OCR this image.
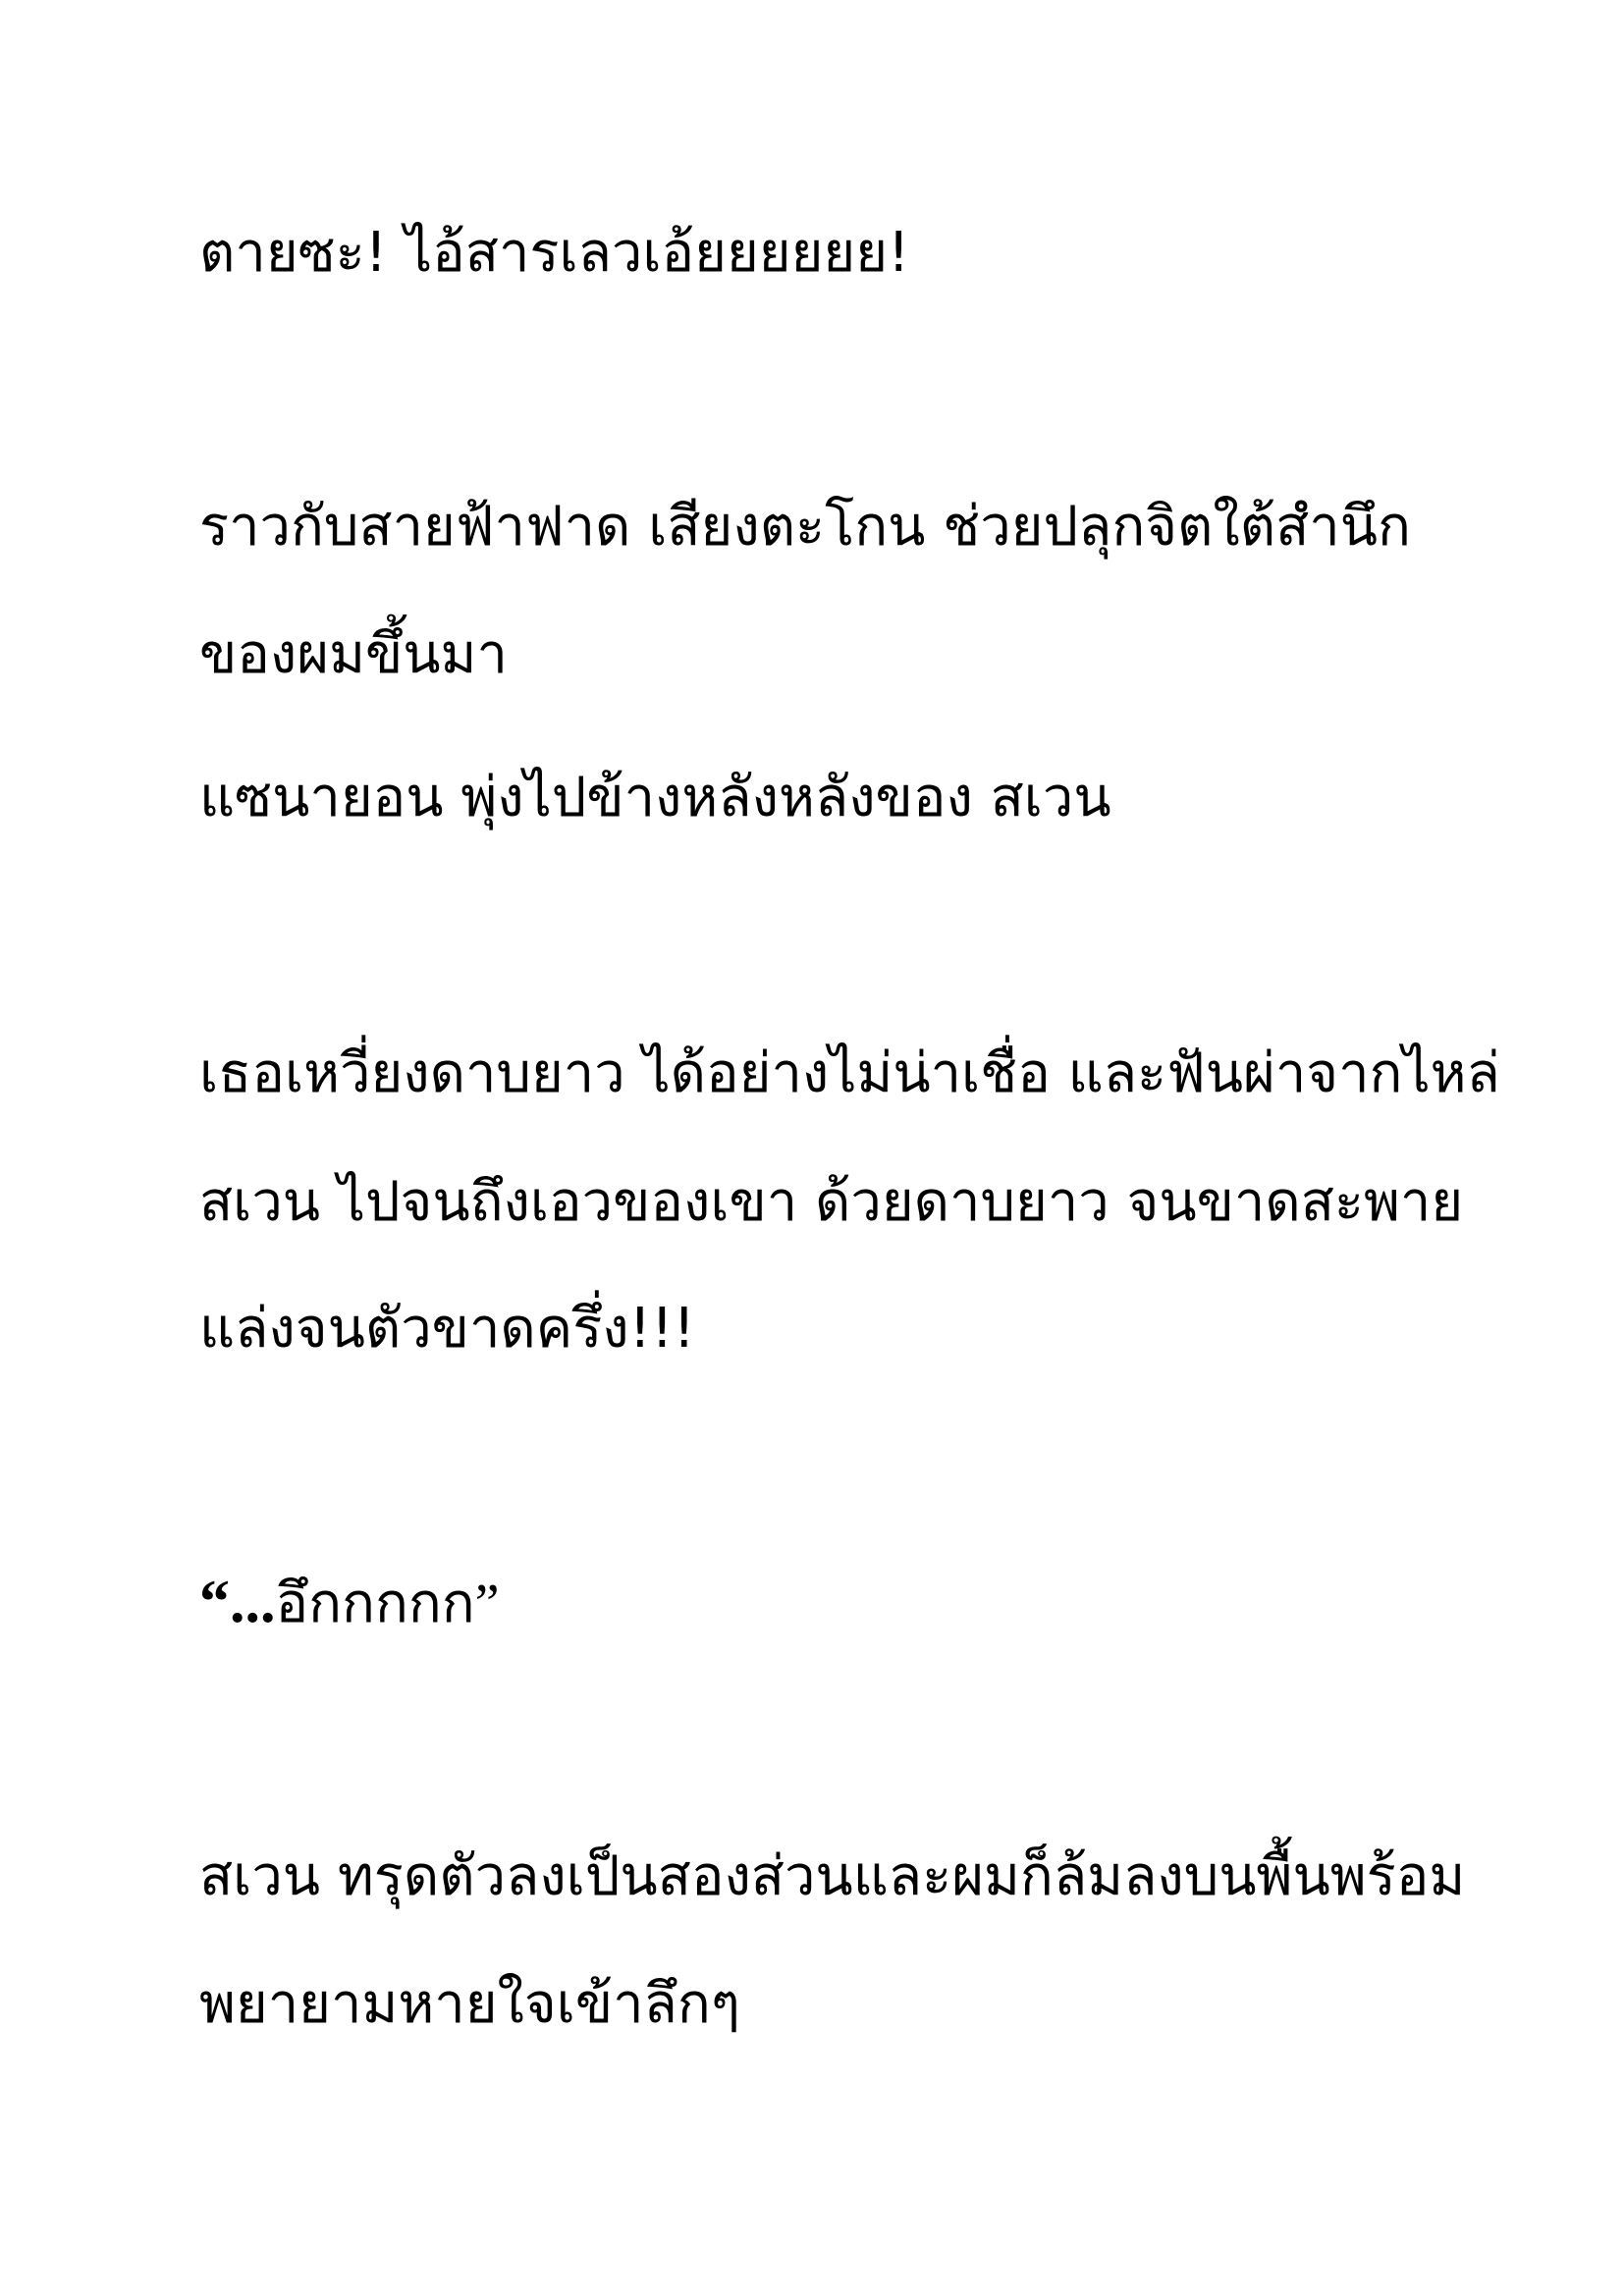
ตายซะ! ไอ้สารเลวเอ้ยยยยยย!
ราวกับสายฟ้าฟาด เสียงตะโกน ช่วยปลุกจิตใต้สำนึก
ของผมขึ้นมา
แซนายอน พุ่งไปข้างหลังหลังของ สเวน
เธอเหวี่ยงดาบยาว ได้อย่างไม่น่าเชื่อ และฟันผ่าจากไหล่
สเวน ไปจนถึงเอวของเขา ด้วยดาบยาว จนขาดสะพาย
แล่งจนตัวขาดครึ่ง!!!
“...อึกกกกก”
สเวน ทรุดตัวลงเป็นสองส่วนและผมก็ล้มลงบนพื้นพร้อม
พยายามหายใจเข้าลึกๆ
